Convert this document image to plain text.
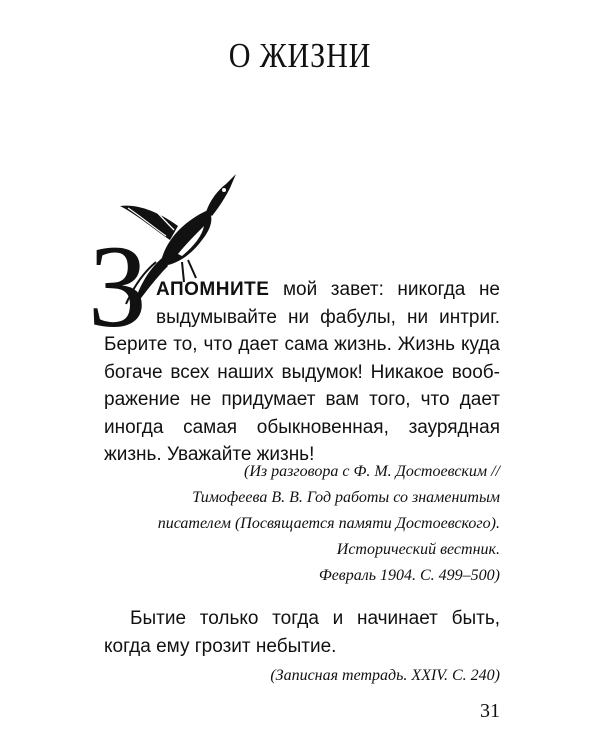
О ЖИЗНИ
З АПОМНИТЕ мой завет: никогда не
выдумывайте ни фабулы, ни интриг.
Берите то, что дает сама жизнь. Жизнь куда
богаче всех наших выдумок! Никакое вооб-
ражение не придумает вам того, что дает
иногда самая обыкновенная, заурядная
жизнь. Уважайте жизнь!
(Из разговора с Ф. М. Достоевским //
Тимофеева В. В. Год работы со знаменитым
писателем (Посвящается памяти Достоевского).
Исторический вестник.
Февраль 1904. С. 499–500)
Бытие только тогда и начинает быть,
когда ему грозит небытие.
(Записная тетрадь. XXIV. С. 240)
31
